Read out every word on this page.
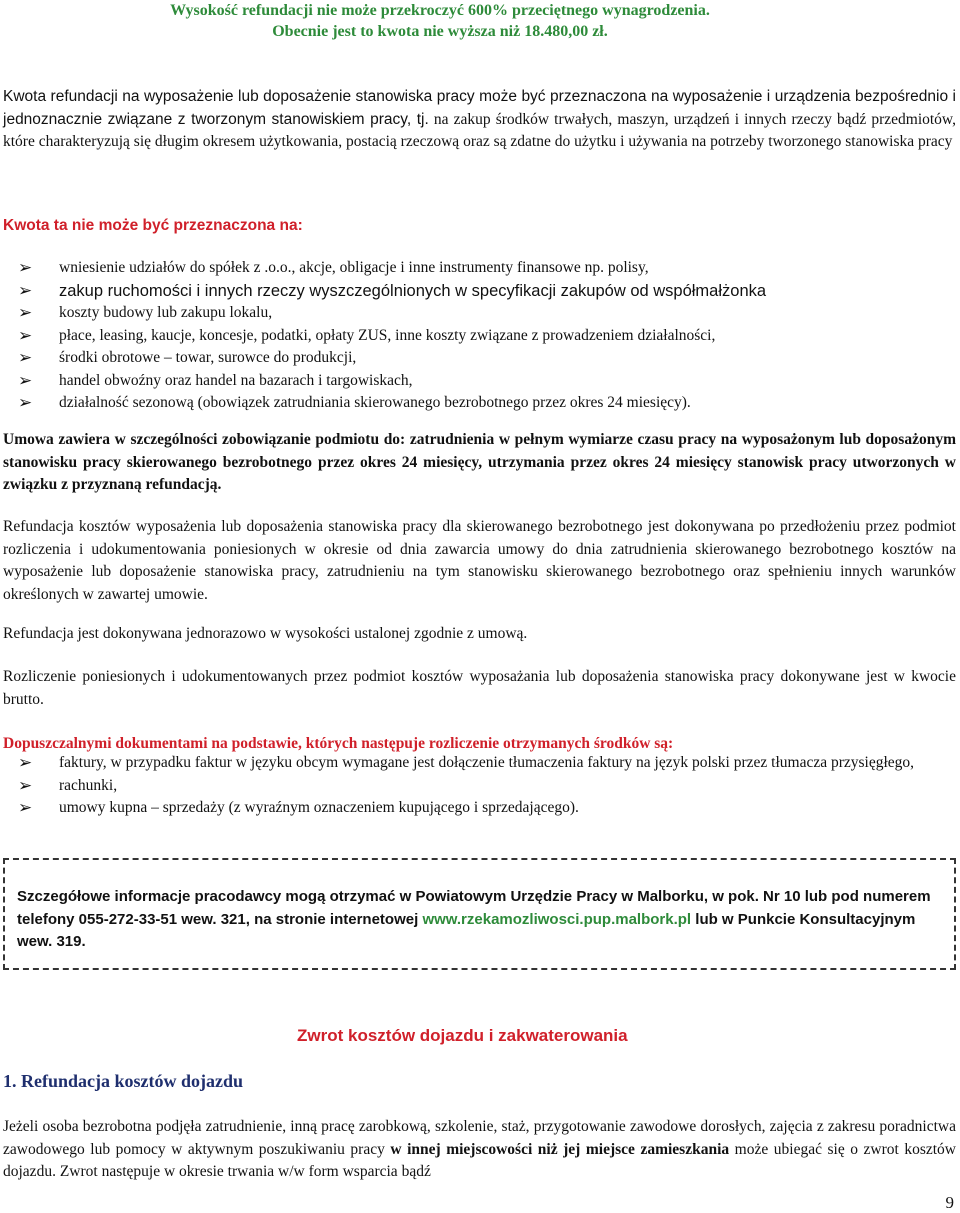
Wysokość refundacji nie może przekroczyć 600% przeciętnego wynagrodzenia.
Obecnie jest to kwota nie wyższa niż 18.480,00 zł.
Kwota refundacji na wyposażenie lub doposażenie stanowiska pracy może być przeznaczona na wyposażenie i urządzenia bezpośrednio i jednoznacznie związane z tworzonym stanowiskiem pracy, tj. na zakup środków trwałych, maszyn, urządzeń i innych rzeczy bądź przedmiotów, które charakteryzują się długim okresem użytkowania, postacią rzeczową oraz są zdatne do użytku i używania na potrzeby tworzonego stanowiska pracy
Kwota ta nie może być przeznaczona na:
➢ wniesienie udziałów do spółek z .o.o., akcje, obligacje i inne instrumenty finansowe np. polisy,
➢ zakup ruchomości i innych rzeczy wyszczególnionych w specyfikacji zakupów od współmałżonka
➢ koszty budowy lub zakupu lokalu,
➢ płace, leasing, kaucje, koncesje, podatki, opłaty ZUS, inne koszty związane z prowadzeniem działalności,
➢ środki obrotowe – towar, surowce do produkcji,
➢ handel obwoźny oraz handel na bazarach i targowiskach,
➢ działalność sezonową (obowiązek zatrudniania skierowanego bezrobotnego przez okres 24 miesięcy).
Umowa zawiera w szczególności zobowiązanie podmiotu do: zatrudnienia w pełnym wymiarze czasu pracy na wyposażonym lub doposażonym stanowisku pracy skierowanego bezrobotnego przez okres 24 miesięcy, utrzymania przez okres 24 miesięcy stanowisk pracy utworzonych w związku z przyznaną refundacją.
Refundacja kosztów wyposażenia lub doposażenia stanowiska pracy dla skierowanego bezrobotnego jest dokonywana po przedłożeniu przez podmiot rozliczenia i udokumentowania poniesionych w okresie od dnia zawarcia umowy do dnia zatrudnienia skierowanego bezrobotnego kosztów na wyposażenie lub doposażenie stanowiska pracy, zatrudnieniu na tym stanowisku skierowanego bezrobotnego oraz spełnieniu innych warunków określonych w zawartej umowie.
Refundacja jest dokonywana jednorazowo w wysokości ustalonej zgodnie z umową.
Rozliczenie poniesionych i udokumentowanych przez podmiot kosztów wyposażania lub doposażenia stanowiska pracy dokonywane jest w kwocie brutto.
Dopuszczalnymi dokumentami na podstawie, których następuje rozliczenie otrzymanych środków są:
➢ faktury, w przypadku faktur w języku obcym wymagane jest dołączenie tłumaczenia faktury na język polski przez tłumacza przysięgłego,
➢ rachunki,
➢ umowy kupna – sprzedaży (z wyraźnym oznaczeniem kupującego i sprzedającego).
Szczegółowe informacje pracodawcy mogą otrzymać w Powiatowym Urzędzie Pracy w Malborku, w pok. Nr 10 lub pod numerem telefony 055-272-33-51 wew. 321, na stronie internetowej www.rzekamozliwosci.pup.malbork.pl lub w Punkcie Konsultacyjnym wew. 319.
Zwrot kosztów dojazdu i zakwaterowania
1. Refundacja kosztów dojazdu
Jeżeli osoba bezrobotna podjęła zatrudnienie, inną pracę zarobkową, szkolenie, staż, przygotowanie zawodowe dorosłych, zajęcia z zakresu poradnictwa zawodowego lub pomocy w aktywnym poszukiwaniu pracy w innej miejscowości niż jej miejsce zamieszkania może ubiegać się o zwrot kosztów dojazdu. Zwrot następuje w okresie trwania w/w form wsparcia bądź
9
